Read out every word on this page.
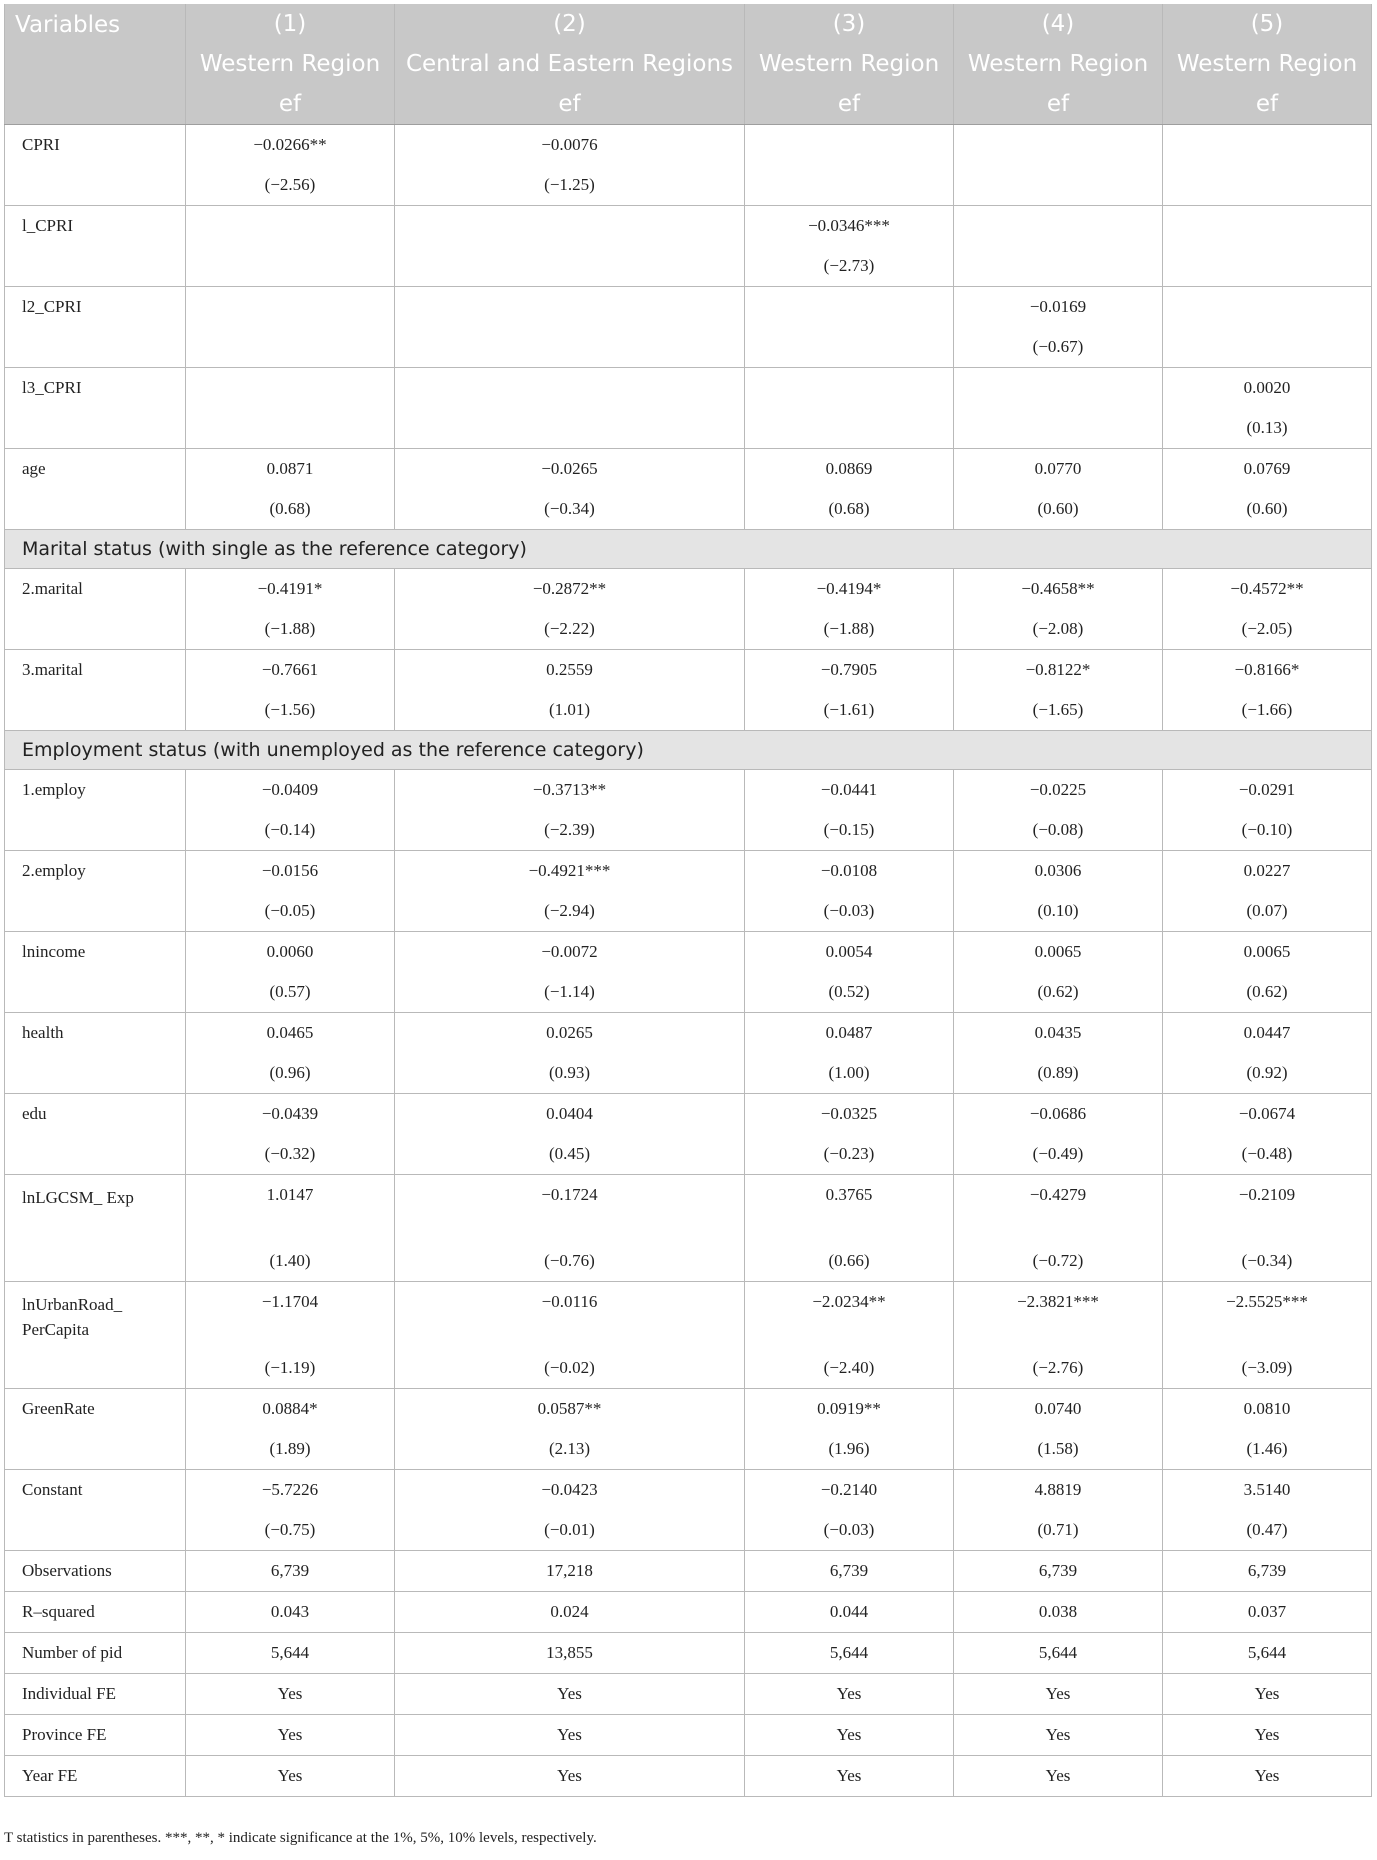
Variables	(1)	(2)	(3)	(4)	(5)
	Western Region	Central and Eastern Regions	Western Region	Western Region	Western Region
	ef	ef	ef	ef	ef
CPRI	−0.0266**	−0.0076			
	(−2.56)	(−1.25)			
l_CPRI			−0.0346***		
			(−2.73)		
l2_CPRI				−0.0169	
				(−0.67)	
l3_CPRI					0.0020
					(0.13)
age	0.0871	−0.0265	0.0869	0.0770	0.0769
	(0.68)	(−0.34)	(0.68)	(0.60)	(0.60)
Marital status (with single as the reference category)					
2.marital	−0.4191*	−0.2872**	−0.4194*	−0.4658**	−0.4572**
	(−1.88)	(−2.22)	(−1.88)	(−2.08)	(−2.05)
3.marital	−0.7661	0.2559	−0.7905	−0.8122*	−0.8166*
	(−1.56)	(1.01)	(−1.61)	(−1.65)	(−1.66)
Employment status (with unemployed as the reference category)					
1.employ	−0.0409	−0.3713**	−0.0441	−0.0225	−0.0291
	(−0.14)	(−2.39)	(−0.15)	(−0.08)	(−0.10)
2.employ	−0.0156	−0.4921***	−0.0108	0.0306	0.0227
	(−0.05)	(−2.94)	(−0.03)	(0.10)	(0.07)
lnincome	0.0060	−0.0072	0.0054	0.0065	0.0065
	(0.57)	(−1.14)	(0.52)	(0.62)	(0.62)
health	0.0465	0.0265	0.0487	0.0435	0.0447
	(0.96)	(0.93)	(1.00)	(0.89)	(0.92)
edu	−0.0439	0.0404	−0.0325	−0.0686	−0.0674
	(−0.32)	(0.45)	(−0.23)	(−0.49)	(−0.48)
lnLGCSM_ Exp	1.0147	−0.1724	0.3765	−0.4279	−0.2109
	(1.40)	(−0.76)	(0.66)	(−0.72)	(−0.34)
lnUrbanRoad_ PerCapita	−1.1704	−0.0116	−2.0234**	−2.3821***	−2.5525***
	(−1.19)	(−0.02)	(−2.40)	(−2.76)	(−3.09)
GreenRate	0.0884*	0.0587**	0.0919**	0.0740	0.0810
	(1.89)	(2.13)	(1.96)	(1.58)	(1.46)
Constant	−5.7226	−0.0423	−0.2140	4.8819	3.5140
	(−0.75)	(−0.01)	(−0.03)	(0.71)	(0.47)
Observations	6,739	17,218	6,739	6,739	6,739
R–squared	0.043	0.024	0.044	0.038	0.037
Number of pid	5,644	13,855	5,644	5,644	5,644
Individual FE	Yes	Yes	Yes	Yes	Yes
Province FE	Yes	Yes	Yes	Yes	Yes
Year FE	Yes	Yes	Yes	Yes	Yes
T statistics in parentheses. ***, **, * indicate significance at the 1%, 5%, 10% levels, respectively.
